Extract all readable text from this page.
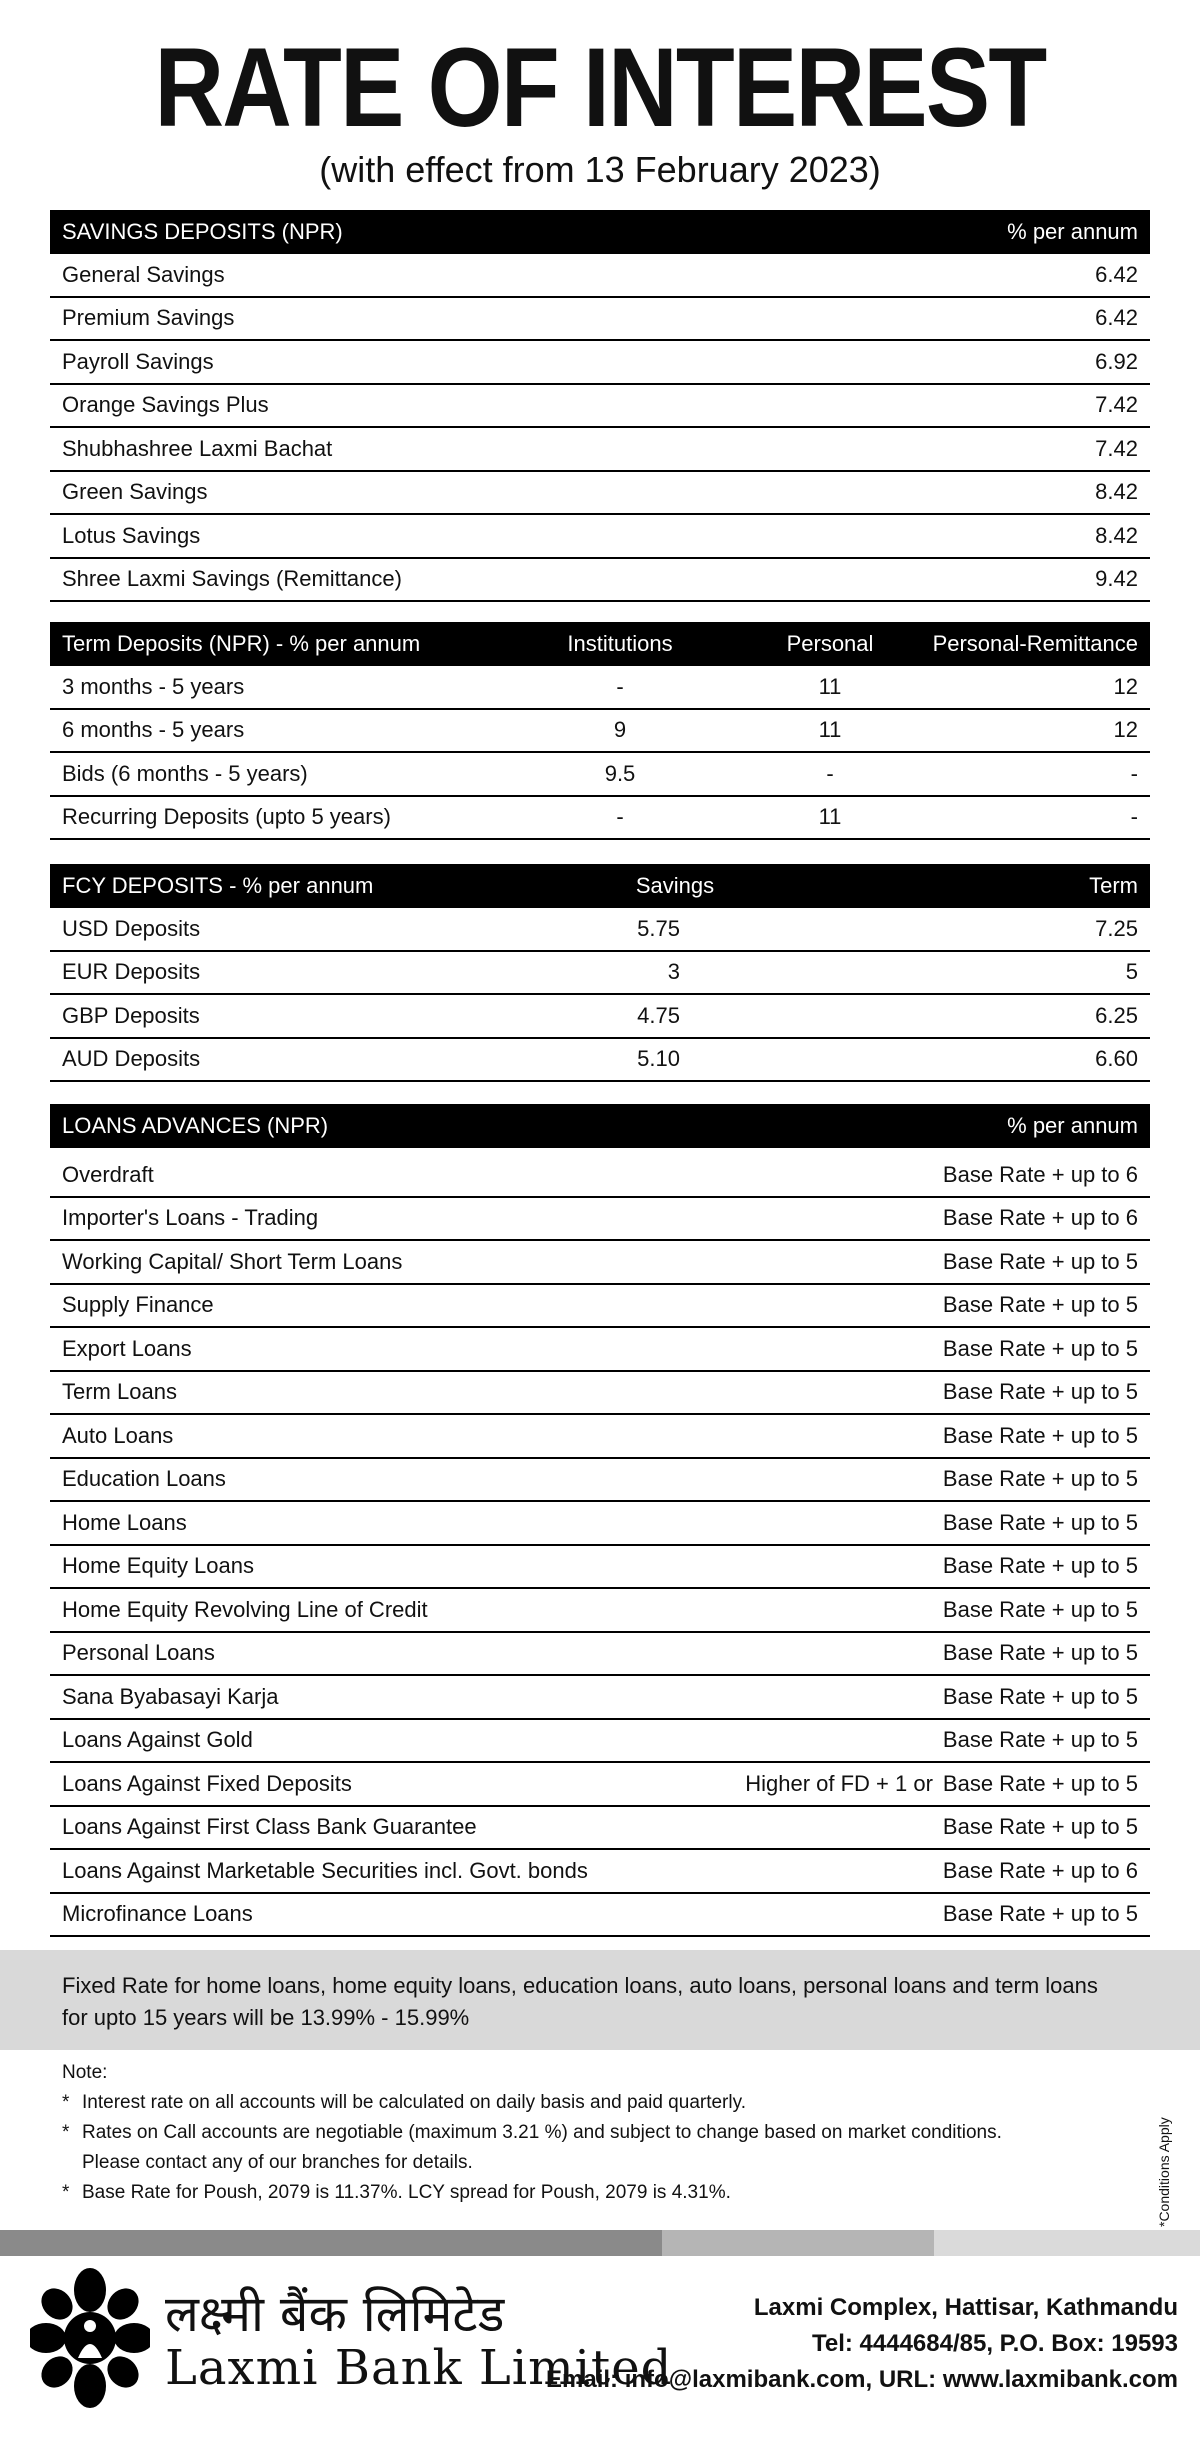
RATE OF INTEREST
(with effect from 13 February 2023)
SAVINGS DEPOSITS (NPR)	% per annum
General Savings	6.42
Premium Savings	6.42
Payroll Savings	6.92
Orange Savings Plus	7.42
Shubhashree Laxmi Bachat	7.42
Green Savings	8.42
Lotus Savings	8.42
Shree Laxmi Savings (Remittance)	9.42
Term Deposits (NPR) - % per annum	Institutions	Personal	Personal-Remittance
3 months - 5 years	-	11	12
6 months - 5 years	9	11	12
Bids (6 months - 5 years)	9.5	-	-
Recurring Deposits (upto 5 years)	-	11	-
FCY DEPOSITS - % per annum	Savings	Term
USD Deposits	5.75	7.25
EUR Deposits	3	5
GBP Deposits	4.75	6.25
AUD Deposits	5.10	6.60
LOANS ADVANCES (NPR)	% per annum
Overdraft	Base Rate + up to 6
Importer's Loans - Trading	Base Rate + up to 6
Working Capital/ Short Term Loans	Base Rate + up to 5
Supply Finance	Base Rate + up to 5
Export Loans	Base Rate + up to 5
Term Loans	Base Rate + up to 5
Auto Loans	Base Rate + up to 5
Education Loans	Base Rate + up to 5
Home Loans	Base Rate + up to 5
Home Equity Loans	Base Rate + up to 5
Home Equity Revolving Line of Credit	Base Rate + up to 5
Personal Loans	Base Rate + up to 5
Sana Byabasayi Karja	Base Rate + up to 5
Loans Against Gold	Base Rate + up to 5
Loans Against Fixed Deposits	Higher of FD + 1 or Base Rate + up to 5
Loans Against First Class Bank Guarantee	Base Rate + up to 5
Loans Against Marketable Securities incl. Govt. bonds	Base Rate + up to 6
Microfinance Loans	Base Rate + up to 5
Fixed Rate for home loans, home equity loans, education loans, auto loans, personal loans and term loans
for upto 15 years will be 13.99% - 15.99%
Note:
* Interest rate on all accounts will be calculated on daily basis and paid quarterly.
* Rates on Call accounts are negotiable (maximum 3.21 %) and subject to change based on market conditions.
Please contact any of our branches for details.
* Base Rate for Poush, 2079 is 11.37%. LCY spread for Poush, 2079 is 4.31%.	*Conditions Apply
लक्ष्मी बैंक लिमिटेड
Laxmi Bank Limited
Laxmi Complex, Hattisar, Kathmandu
Tel: 4444684/85, P.O. Box: 19593
Email: info@laxmibank.com, URL: www.laxmibank.com
